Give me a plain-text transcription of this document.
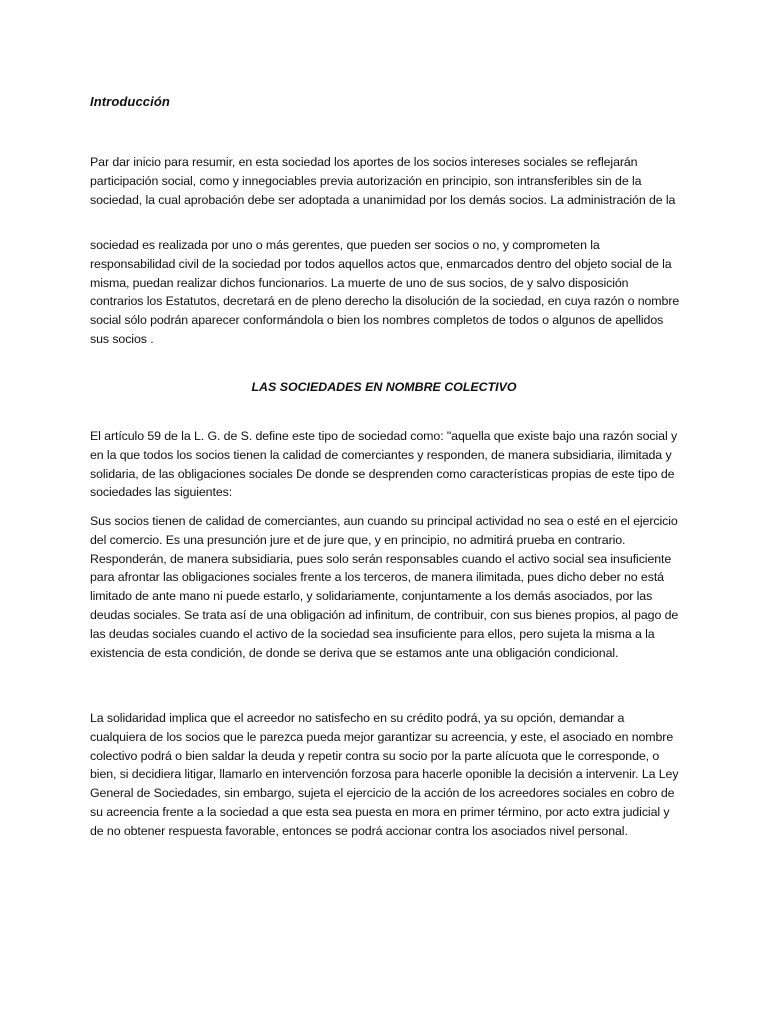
Introducción

Par dar inicio para resumir, en esta sociedad los aportes de los socios intereses sociales se reflejarán participación social, como y innegociables previa autorización en principio, son intransferibles sin de la sociedad, la cual aprobación debe ser adoptada a unanimidad por los demás socios. La administración de la

sociedad es realizada por uno o más gerentes, que pueden ser socios o no, y comprometen la responsabilidad civil de la sociedad por todos aquellos actos que, enmarcados dentro del objeto social de la misma, puedan realizar dichos funcionarios. La muerte de uno de sus socios, de y salvo disposición contrarios los Estatutos, decretará en de pleno derecho la disolución de la sociedad, en cuya razón o nombre social sólo podrán aparecer conformándola o bien los nombres completos de todos o algunos de apellidos sus socios .

LAS SOCIEDADES EN NOMBRE COLECTIVO

El artículo 59 de la L. G. de S. define este tipo de sociedad como: "aquella que existe bajo una razón social y en la que todos los socios tienen la calidad de comerciantes y responden, de manera subsidiaria, ilimitada y solidaria, de las obligaciones sociales De donde se desprenden como características propias de este tipo de sociedades las siguientes:

Sus socios tienen de calidad de comerciantes, aun cuando su principal actividad no sea o esté en el ejercicio del comercio. Es una presunción jure et de jure que, y en principio, no admitirá prueba en contrario. Responderán, de manera subsidiaria, pues solo serán responsables cuando el activo social sea insuficiente para afrontar las obligaciones sociales frente a los terceros, de manera ilimitada, pues dicho deber no está limitado de ante mano ni puede estarlo, y solidariamente, conjuntamente a los demás asociados, por las deudas sociales. Se trata así de una obligación ad infinitum, de contribuir, con sus bienes propios, al pago de las deudas sociales cuando el activo de la sociedad sea insuficiente para ellos, pero sujeta la misma a la existencia de esta condición, de donde se deriva que se estamos ante una obligación condicional.

La solidaridad implica que el acreedor no satisfecho en su crédito podrá, ya su opción, demandar a cualquiera de los socios que le parezca pueda mejor garantizar su acreencia, y este, el asociado en nombre colectivo podrá o bien saldar la deuda y repetir contra su socio por la parte alícuota que le corresponde, o bien, si decidiera litigar, llamarlo en intervención forzosa para hacerle oponible la decisión a intervenir. La Ley General de Sociedades, sin embargo, sujeta el ejercicio de la acción de los acreedores sociales en cobro de su acreencia frente a la sociedad a que esta sea puesta en mora en primer término, por acto extra judicial y de no obtener respuesta favorable, entonces se podrá accionar contra los asociados nivel personal.
